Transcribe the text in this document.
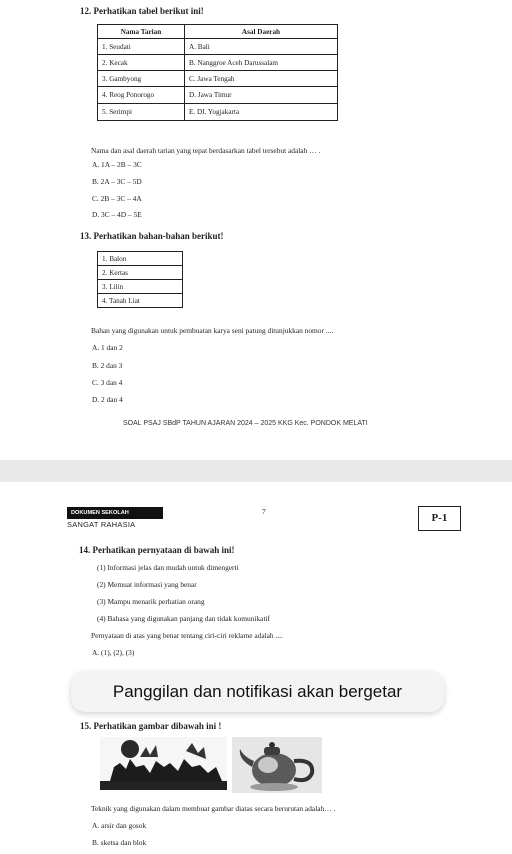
12. Perhatikan tabel berikut ini!
Nama Tarian	Asal Daerah
1. Seudati	A. Bali
2. Kecak	B. Nanggroe Aceh Darussalam
3. Gambyong	C. Jawa Tengah
4. Reog Ponorogo	D. Jawa Timur
5. Serimpi	E. DI. Yogjakarta
Nama dan asal daerah tarian yang tepat berdasarkan tabel tersebut adalah … .
A. 1A – 2B – 3C
B. 2A – 3C – 5D
C. 2B – 3C – 4A
D. 3C – 4D – 5E
13. Perhatikan bahan-bahan berikut!
1. Balon
2. Kertas
3. Lilin
4. Tanah Liat
Bahan yang digunakan untuk pembuatan karya seni patung ditunjukkan nomor ....
A. 1 dan 2
B. 2 dan 3
C. 3 dan 4
D. 2 dan 4
SOAL PSAJ SBdP TAHUN AJARAN 2024 – 2025 KKG Kec. PONDOK MELATI
DOKUMEN SEKOLAH
SANGAT RAHASIA
7
P-1
14. Perhatikan pernyataan di bawah ini!
(1) Informasi jelas dan mudah untuk dimengerti
(2) Memuat informasi yang benar
(3) Mampu menarik perhatian orang
(4) Bahasa yang digunakan panjang dan tidak komunikatif
Pernyataan di atas yang benar tentang ciri-ciri reklame adalah ....
A. (1), (2), (3)
Panggilan dan notifikasi akan bergetar
15. Perhatikan gambar dibawah ini !
Teknik yang digunakan dalam membuat gambar diatas secara berurutan adalah… .
A. arsir dan gosok
B. sketsa dan blok
